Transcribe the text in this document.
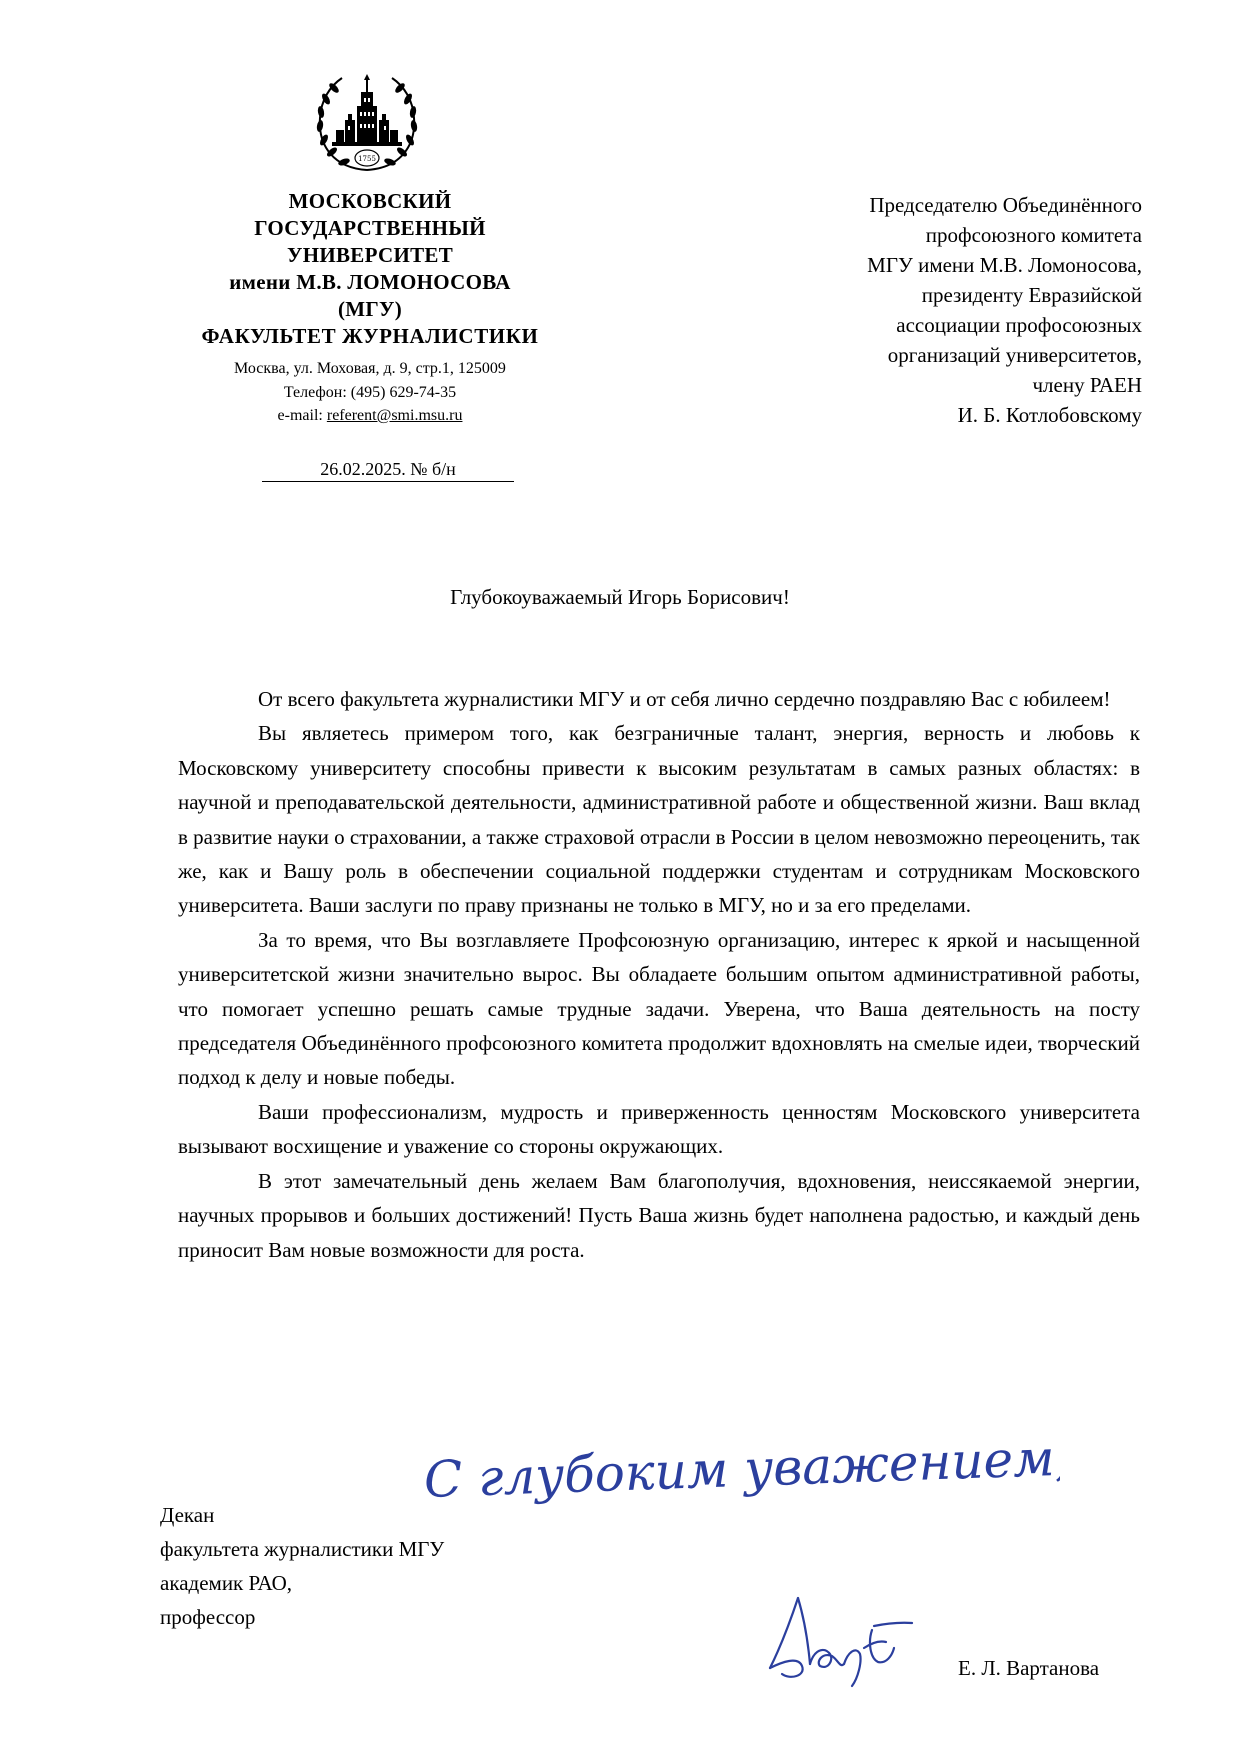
1755
МОСКОВСКИЙ
ГОСУДАРСТВЕННЫЙ
УНИВЕРСИТЕТ
имени М.В. ЛОМОНОСОВА
(МГУ)
ФАКУЛЬТЕТ ЖУРНАЛИСТИКИ
Москва, ул. Моховая, д. 9, стр.1, 125009
Телефон: (495) 629-74-35
e-mail: referent@smi.msu.ru
26.02.2025. № б/н
Председателю Объединённого
профсоюзного комитета
МГУ имени М.В. Ломоносова,
президенту Евразийской
ассоциации профосоюзных
организаций университетов,
члену РАЕН
И. Б. Котлобовскому
Глубокоуважаемый Игорь Борисович!

От всего факультета журналистики МГУ и от себя лично сердечно поздравляю Вас с юбилеем!

Вы являетесь примером того, как безграничные талант, энергия, верность и любовь к Московскому университету способны привести к высоким результатам в самых разных областях: в научной и преподавательской деятельности, административной работе и общественной жизни. Ваш вклад в развитие науки о страховании, а также страховой отрасли в России в целом невозможно переоценить, так же, как и Вашу роль в обеспечении социальной поддержки студентам и сотрудникам Московского университета. Ваши заслуги по праву признаны не только в МГУ, но и за его пределами.

За то время, что Вы возглавляете Профсоюзную организацию, интерес к яркой и насыщенной университетской жизни значительно вырос. Вы обладаете большим опытом административной работы, что помогает успешно решать самые трудные задачи. Уверена, что Ваша деятельность на посту председателя Объединённого профсоюзного комитета продолжит вдохновлять на смелые идеи, творческий подход к делу и новые победы.

Ваши профессионализм, мудрость и приверженность ценностям Московского университета вызывают восхищение и уважение со стороны окружающих.

В этот замечательный день желаем Вам благополучия, вдохновения, неиссякаемой энергии, научных прорывов и больших достижений! Пусть Ваша жизнь будет наполнена радостью, и каждый день приносит Вам новые возможности для роста.

С глубоким уважением,
Декан
факультета журналистики МГУ
академик РАО,
профессор
Е. Л. Вартанова
